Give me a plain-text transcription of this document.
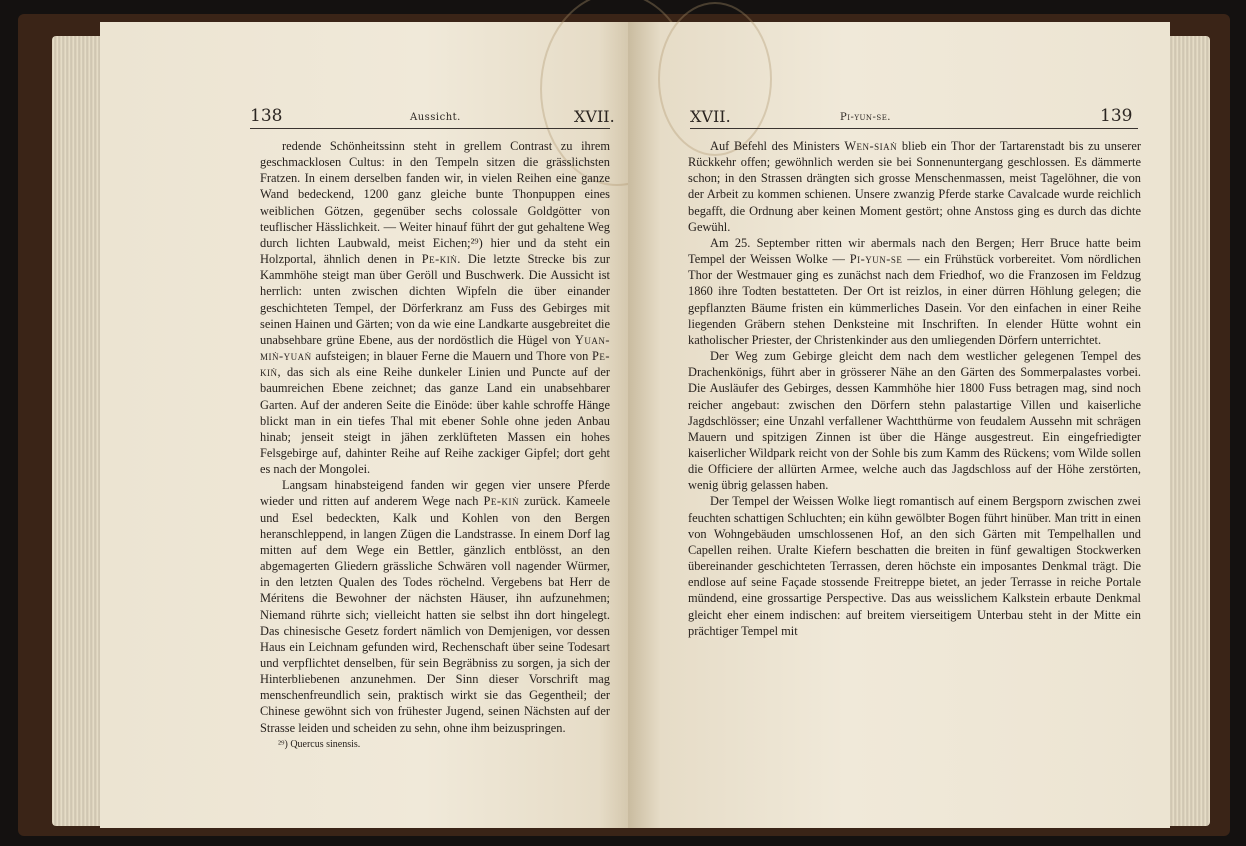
138	Aussicht.	XVII.

redende Schönheitssinn steht in grellem Contrast zu ihrem geschmacklosen Cultus: in den Tempeln sitzen die grässlichsten Fratzen. In einem derselben fanden wir, in vielen Reihen eine ganze Wand bedeckend, 1200 ganz gleiche bunte Thonpuppen eines weiblichen Götzen, gegenüber sechs colossale Goldgötter von teuflischer Hässlichkeit. — Weiter hinauf führt der gut gehaltene Weg durch lichten Laubwald, meist Eichen;²⁹) hier und da steht ein Holzportal, ähnlich denen in Pe-kiṅ. Die letzte Strecke bis zur Kammhöhe steigt man über Geröll und Buschwerk. Die Aussicht ist herrlich: unten zwischen dichten Wipfeln die über einander geschichteten Tempel, der Dörferkranz am Fuss des Gebirges mit seinen Hainen und Gärten; von da wie eine Landkarte ausgebreitet die unabsehbare grüne Ebene, aus der nordöstlich die Hügel von Yuan-miṅ-yuaṅ aufsteigen; in blauer Ferne die Mauern und Thore von Pe-kiṅ, das sich als eine Reihe dunkeler Linien und Puncte auf der baumreichen Ebene zeichnet; das ganze Land ein unabsehbarer Garten. Auf der anderen Seite die Einöde: über kahle schroffe Hänge blickt man in ein tiefes Thal mit ebener Sohle ohne jeden Anbau hinab; jenseit steigt in jähen zerklüfteten Massen ein hohes Felsgebirge auf, dahinter Reihe auf Reihe zackiger Gipfel; dort geht es nach der Mongolei.

Langsam hinabsteigend fanden wir gegen vier unsere Pferde wieder und ritten auf anderem Wege nach Pe-kiṅ zurück. Kameele und Esel bedeckten, Kalk und Kohlen von den Bergen heranschleppend, in langen Zügen die Landstrasse. In einem Dorf lag mitten auf dem Wege ein Bettler, gänzlich entblösst, an den abgemagerten Gliedern grässliche Schwären voll nagender Würmer, in den letzten Qualen des Todes röchelnd. Vergebens bat Herr de Méritens die Bewohner der nächsten Häuser, ihn aufzunehmen; Niemand rührte sich; vielleicht hatten sie selbst ihn dort hingelegt. Das chinesische Gesetz fordert nämlich von Demjenigen, vor dessen Haus ein Leichnam gefunden wird, Rechenschaft über seine Todesart und verpflichtet denselben, für sein Begräbniss zu sorgen, ja sich der Hinterbliebenen anzunehmen. Der Sinn dieser Vorschrift mag menschenfreundlich sein, praktisch wirkt sie das Gegentheil; der Chinese gewöhnt sich von frühester Jugend, seinen Nächsten auf der Strasse leiden und scheiden zu sehn, ohne ihm beizuspringen.

²⁹) Quercus sinensis.

XVII.	Pi-yun-se.	139

Auf Befehl des Ministers Wen-siaṅ blieb ein Thor der Tartarenstadt bis zu unserer Rückkehr offen; gewöhnlich werden sie bei Sonnenuntergang geschlossen. Es dämmerte schon; in den Strassen drängten sich grosse Menschenmassen, meist Tagelöhner, die von der Arbeit zu kommen schienen. Unsere zwanzig Pferde starke Cavalcade wurde reichlich begafft, die Ordnung aber keinen Moment gestört; ohne Anstoss ging es durch das dichte Gewühl.

Am 25. September ritten wir abermals nach den Bergen; Herr Bruce hatte beim Tempel der Weissen Wolke — Pi-yun-se — ein Frühstück vorbereitet. Vom nördlichen Thor der Westmauer ging es zunächst nach dem Friedhof, wo die Franzosen im Feldzug 1860 ihre Todten bestatteten. Der Ort ist reizlos, in einer dürren Höhlung gelegen; die gepflanzten Bäume fristen ein kümmerliches Dasein. Vor den einfachen in einer Reihe liegenden Gräbern stehen Denksteine mit Inschriften. In elender Hütte wohnt ein katholischer Priester, der Christenkinder aus den umliegenden Dörfern unterrichtet.

Der Weg zum Gebirge gleicht dem nach dem westlicher gelegenen Tempel des Drachenkönigs, führt aber in grösserer Nähe an den Gärten des Sommerpalastes vorbei. Die Ausläufer des Gebirges, dessen Kammhöhe hier 1800 Fuss betragen mag, sind noch reicher angebaut: zwischen den Dörfern stehn palastartige Villen und kaiserliche Jagdschlösser; eine Unzahl verfallener Wachtthürme von feudalem Aussehn mit schrägen Mauern und spitzigen Zinnen ist über die Hänge ausgestreut. Ein eingefriedigter kaiserlicher Wildpark reicht von der Sohle bis zum Kamm des Rückens; vom Wilde sollen die Officiere der allürten Armee, welche auch das Jagdschloss auf der Höhe zerstörten, wenig übrig gelassen haben.

Der Tempel der Weissen Wolke liegt romantisch auf einem Bergsporn zwischen zwei feuchten schattigen Schluchten; ein kühn gewölbter Bogen führt hinüber. Man tritt in einen von Wohngebäuden umschlossenen Hof, an den sich Gärten mit Tempelhallen und Capellen reihen. Uralte Kiefern beschatten die breiten in fünf gewaltigen Stockwerken übereinander geschichteten Terrassen, deren höchste ein imposantes Denkmal trägt. Die endlose auf seine Façade stossende Freitreppe bietet, an jeder Terrasse in reiche Portale mündend, eine grossartige Perspective. Das aus weisslichem Kalkstein erbaute Denkmal gleicht eher einem indischen: auf breitem vierseitigem Unterbau steht in der Mitte ein prächtiger Tempel mit
